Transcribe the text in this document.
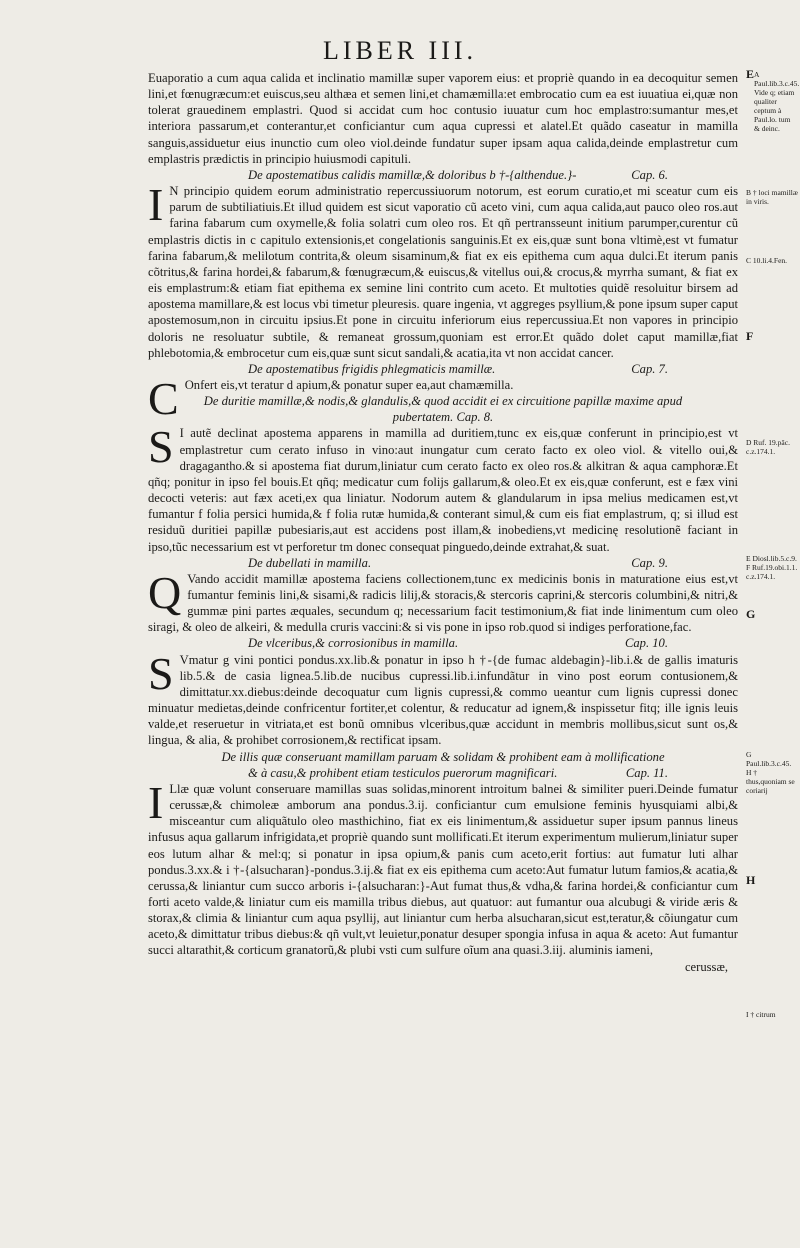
LIBER III.

Euaporatio a cum aqua calida et inclinatio mamillæ super vaporem eius: et propriè quando in ea decoquitur semen lini,et fœnugræcum:et euiscus,seu althæa et semen lini,et chamæmilla:et embrocatio cum ea est iuuatiua ei,quæ non tolerat grauedinem emplastri. Quod si accidat cum hoc contusio iuuatur cum hoc emplastro:sumantur mes,et interiora passarum,et conterantur,et conficiantur cum aqua cupressi et alatel.Et quãdo caseatur in mamilla sanguis,assiduetur eius inunctio cum oleo viol.deinde fundatur super ipsam aqua calida,deinde emplastretur cum emplastris prædictis in principio huiusmodi capituli.

De apostematibus calidis mamillæ,& doloribus b †-{althendue.}-	Cap. 6.

I N principio quidem eorum administratio repercussiuorum notorum, est eorum curatio,et mi sceatur cum eis parum de subtiliatiuis.Et illud quidem est sicut vaporatio cũ aceto vini, cum aqua calida,aut pauco oleo ros.aut farina fabarum cum oxymelle,& folia solatri cum oleo ros. Et qñ pertransseunt initium parumper,curentur cũ emplastris dictis in c capitulo extensionis,et congelationis sanguinis.Et ex eis,quæ sunt bona vltimè,est vt fumatur farina fabarum,& melilotum contrita,& oleum sisaminum,& fiat ex eis epithema cum aqua dulci.Et iterum panis cõtritus,& farina hordei,& fabarum,& fœnugræcum,& euiscus,& vitellus oui,& crocus,& myrrha sumant, & fiat ex eis emplastrum:& etiam fiat epithema ex semine lini contrito cum aceto. Et multoties quidẽ resoluitur birsem ad apostema mamillare,& est locus vbi timetur pleuresis. quare ingenia, vt aggreges psyllium,& pone ipsum super caput apostemosum,non in circuitu ipsius.Et pone in circuitu inferiorum eius repercussiua.Et non vapores in principio doloris ne resoluatur subtile, & remaneat grossum,quoniam est error.Et quãdo dolet caput mamillæ,fiat phlebotomia,& embrocetur cum eis,quæ sunt sicut sandali,& acatia,ita vt non accidat cancer.

De apostematibus frigidis phlegmaticis mamillæ.	Cap. 7.

C Onfert eis,vt teratur d apium,& ponatur super ea,aut chamæmilla.

De duritie mamillæ,& nodis,& glandulis,& quod accidit ei ex circuitione papillæ maxime apud pubertatem. Cap. 8.

S I autẽ declinat apostema apparens in mamilla ad duritiem,tunc ex eis,quæ conferunt in principio,est vt emplastretur cum cerato infuso in vino:aut inungatur cum cerato facto ex oleo viol. & vitello oui,& dragagantho.& si apostema fiat durum,liniatur cum cerato facto ex oleo ros.& alkitran & aqua camphoræ.Et qñq; ponitur in ipso fel bouis.Et qñq; medicatur cum folijs gallarum,& oleo.Et ex eis,quæ conferunt, est e fæx vini decocti veteris: aut fæx aceti,ex qua liniatur. Nodorum autem & glandularum in ipsa melius medicamen est,vt fumantur f folia persici humida,& f folia rutæ humida,& conterant simul,& cum eis fiat emplastrum, q; si illud est residuũ duritiei papillæ pubesiaris,aut est accidens post illam,& inobediens,vt medicinę resolutionẽ faciant in ipso,tũc necessarium est vt perforetur tm donec consequat pinguedo,deinde extrahat,& suat.

De dubellati in mamilla.	Cap. 9.

Q Vando accidit mamillæ apostema faciens collectionem,tunc ex medicinis bonis in maturatione eius est,vt fumantur feminis lini,& sisami,& radicis lilij,& storacis,& stercoris caprini,& stercoris columbini,& nitri,& gummæ pini partes æquales, secundum q; necessarium facit testimonium,& fiat inde linimentum cum oleo siragi, & oleo de alkeiri, & medulla cruris vaccini:& si vis pone in ipso rob.quod si indiges perforatione,fac.

De vlceribus,& corrosionibus in mamilla.	Cap. 10.

S Vmatur g vini pontici pondus.xx.lib.& ponatur in ipso h †-{de fumac aldebagin}-lib.i.& de gallis imaturis lib.5.& de casia lignea.5.lib.de nucibus cupressi.lib.i.infundãtur in vino post eorum contusionem,& dimittatur.xx.diebus:deinde decoquatur cum lignis cupressi,& commo ueantur cum lignis cupressi donec minuatur medietas,deinde confricentur fortiter,et colentur, & reducatur ad ignem,& inspissetur fitq; ille ignis leuis valde,et reseruetur in vitriata,et est bonũ omnibus vlceribus,quæ accidunt in membris mollibus,sicut sunt os,& lingua, & alia, & prohibet corrosionem,& rectificat ipsam.

De illis quæ conseruant mamillam paruam & solidam & prohibent eam à mollificatione
& à casu,& prohibent etiam testiculos puerorum magnificari.	Cap. 11.

I Llæ quæ volunt conseruare mamillas suas solidas,minorent introitum balnei & similiter pueri.Deinde fumatur cerussæ,& chimoleæ amborum ana pondus.3.ij. conficiantur cum emulsione feminis hyusquiami albi,& misceantur cum aliquãtulo oleo masthichino, fiat ex eis linimentum,& assiduetur super ipsum pannus lineus infusus aqua gallarum infrigidata,et propriè quando sunt mollificati.Et iterum experimentum mulierum,liniatur super eos lutum alhar & mel:q; si ponatur in ipsa opium,& panis cum aceto,erit fortius: aut fumatur luti alhar pondus.3.xx.& i †-{alsucharan}-pondus.3.ij.& fiat ex eis epithema cum aceto:Aut fumatur lutum famios,& acatia,& cerussa,& liniantur cum succo arboris i-{alsucharan:}-Aut fumat thus,& vdha,& farina hordei,& conficiantur cum forti aceto valde,& liniatur cum eis mamilla tribus diebus, aut quatuor: aut fumantur oua alcubugi & viride æris & storax,& climia & liniantur cum aqua psyllij, aut liniantur cum herba alsucharan,sicut est,teratur,& cõiungatur cum aceto,& dimittatur tribus diebus:& qñ vult,vt leuietur,ponatur desuper spongia infusa in aqua & aceto: Aut fumantur succi altarathit,& corticum granatorũ,& plubi vsti cum sulfure oĩum ana quasi.3.iij. aluminis iameni,

cerussæ,
E A Paul.lib.3.c.45. Vide q; etiam qualiter ceptum à Paul.lo. tum & deinc.
B † loci mamillæ in viris.
C 10.li.4.Fen.
F
D Ruf. 19.pãc. c.z.174.1.
E Diosl.lib.5.c.9. F Ruf.19.obi.1.1. c.z.174.1.
G
G Paul.lib.3.c.45. H † thus,quoniam se coriarij
H
I † citrum
